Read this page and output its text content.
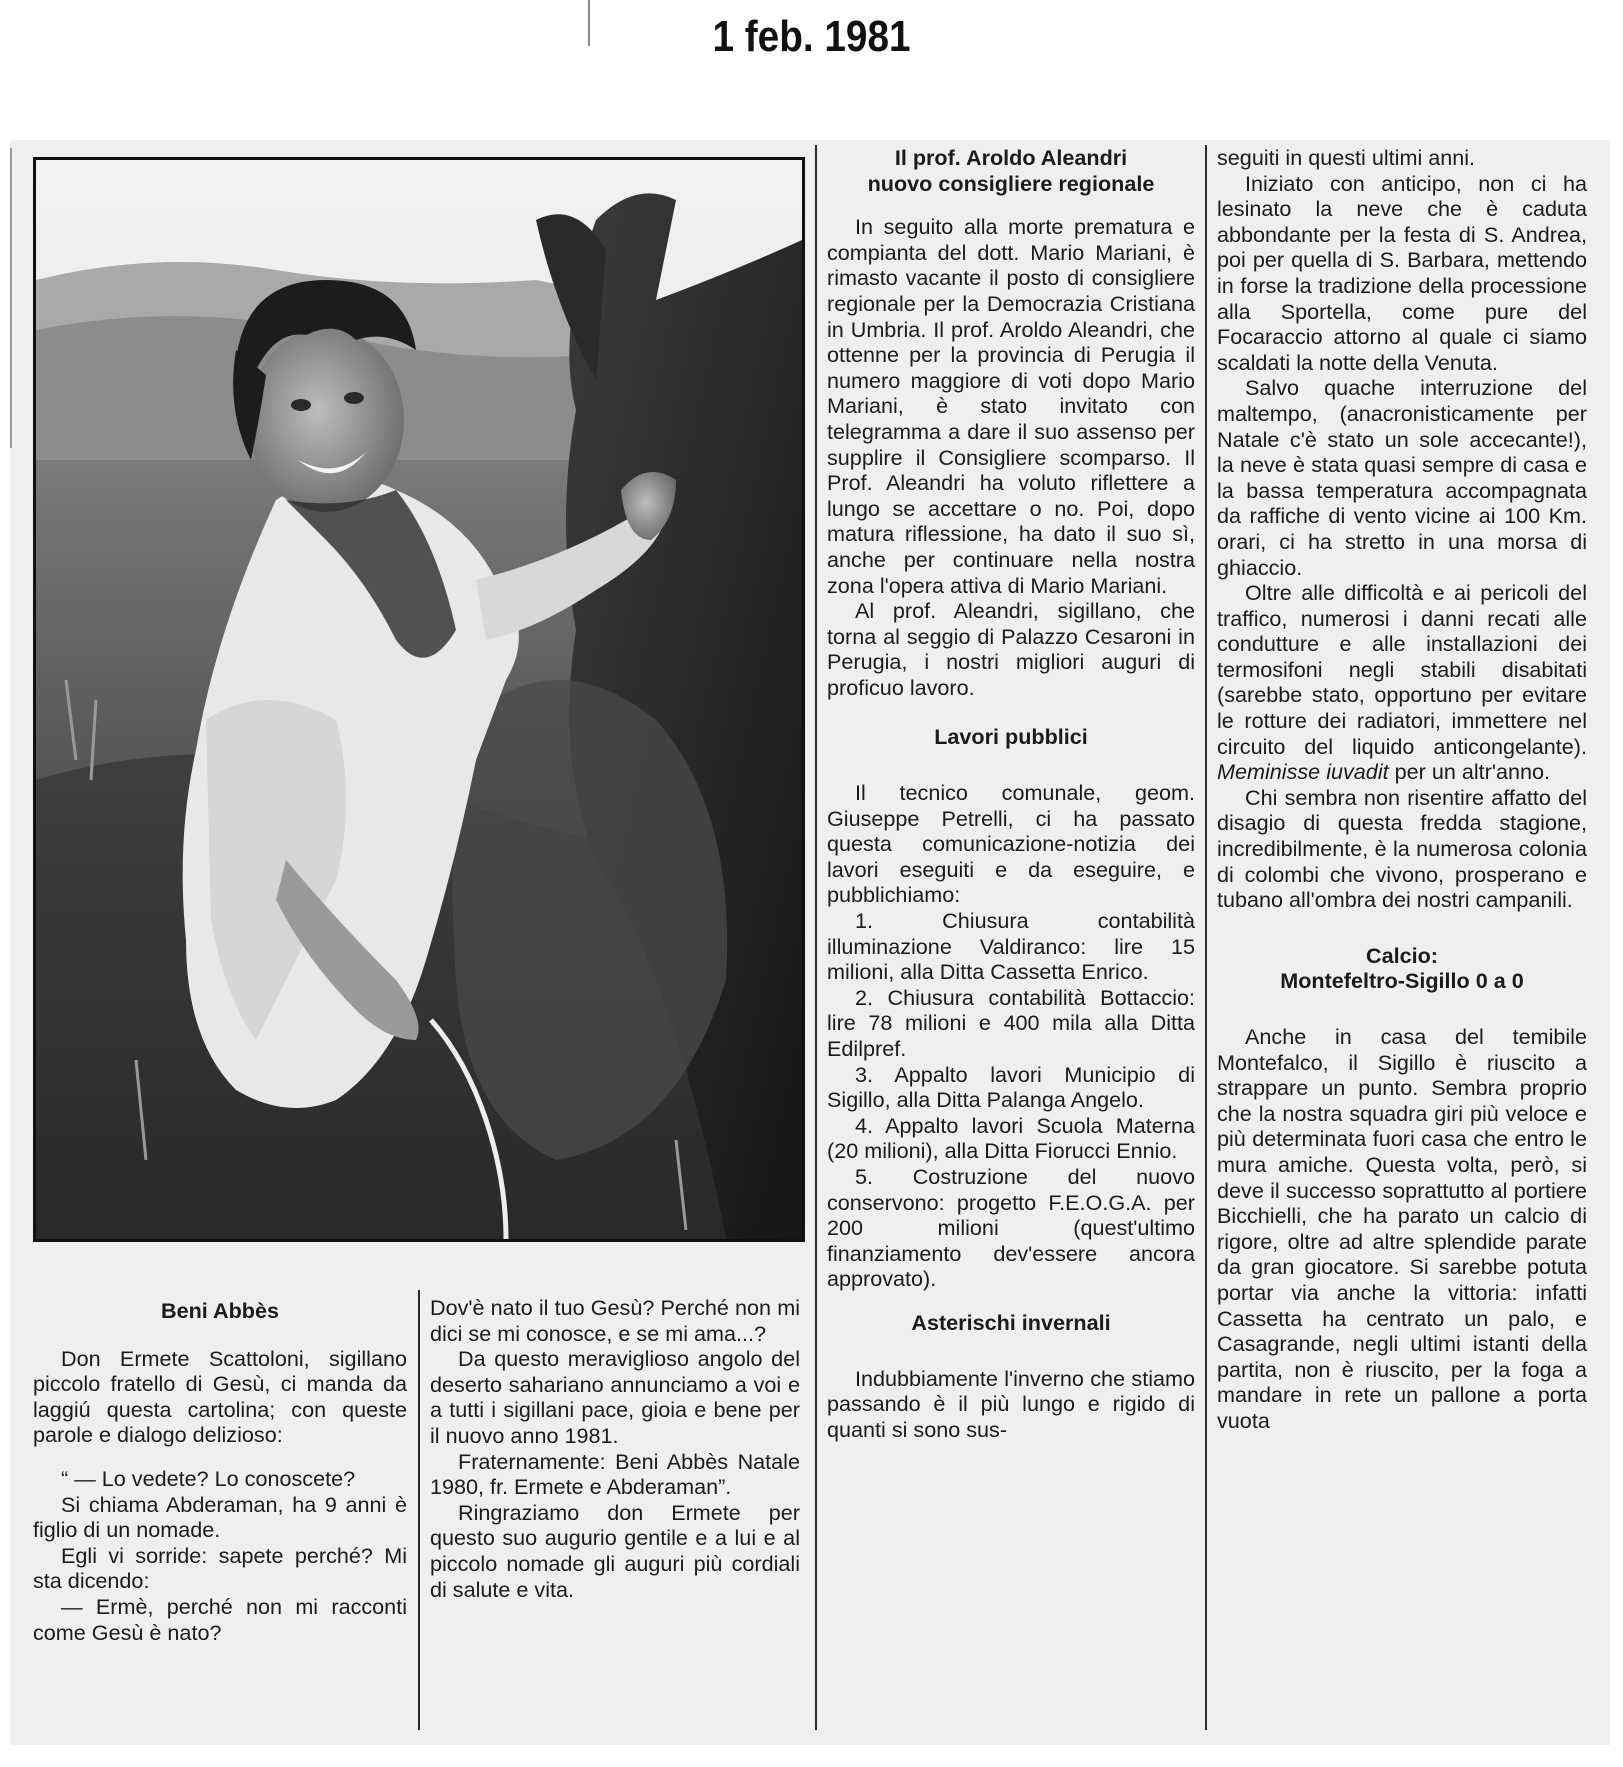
1 feb. 1981
Beni Abbès

Don Ermete Scattoloni, sigillano piccolo fratello di Gesù, ci manda da laggiú questa cartolina; con queste parole e dialogo delizioso:

“ — Lo vedete? Lo conoscete?

Si chiama Abderaman, ha 9 anni è figlio di un nomade.

Egli vi sorride: sapete perché? Mi sta dicendo:

— Ermè, perché non mi racconti come Gesù è nato?

Dov'è nato il tuo Gesù? Perché non mi dici se mi conosce, e se mi ama...?

Da questo meraviglioso angolo del deserto sahariano annunciamo a voi e a tutti i sigillani pace, gioia e bene per il nuovo anno 1981.

Fraternamente: Beni Abbès Natale 1980, fr. Ermete e Abderaman”.

Ringraziamo don Ermete per questo suo augurio gentile e a lui e al piccolo nomade gli auguri più cordiali di salute e vita.

Il prof. Aroldo Aleandri nuovo consigliere regionale

In seguito alla morte prematura e compianta del dott. Mario Mariani, è rimasto vacante il posto di consigliere regionale per la Democrazia Cristiana in Umbria. Il prof. Aroldo Aleandri, che ottenne per la provincia di Perugia il numero maggiore di voti dopo Mario Mariani, è stato invitato con telegramma a dare il suo assenso per supplire il Consigliere scomparso. Il Prof. Aleandri ha voluto riflettere a lungo se accettare o no. Poi, dopo matura riflessione, ha dato il suo sì, anche per continuare nella nostra zona l'opera attiva di Mario Mariani.

Al prof. Aleandri, sigillano, che torna al seggio di Palazzo Cesaroni in Perugia, i nostri migliori auguri di proficuo lavoro.

Lavori pubblici

Il tecnico comunale, geom. Giuseppe Petrelli, ci ha passato questa comunicazione-notizia dei lavori eseguiti e da eseguire, e pubblichiamo:

1. Chiusura contabilità illuminazione Valdiranco: lire 15 milioni, alla Ditta Cassetta Enrico.

2. Chiusura contabilità Bottaccio: lire 78 milioni e 400 mila alla Ditta Edilpref.

3. Appalto lavori Municipio di Sigillo, alla Ditta Palanga Angelo.

4. Appalto lavori Scuola Materna (20 milioni), alla Ditta Fiorucci Ennio.

5. Costruzione del nuovo conservono: progetto F.E.O.G.A. per 200 milioni (quest'ultimo finanziamento dev'essere ancora approvato).

Asterischi invernali

Indubbiamente l'inverno che stiamo passando è il più lungo e rigido di quanti si sono sus-

seguiti in questi ultimi anni.

Iniziato con anticipo, non ci ha lesinato la neve che è caduta abbondante per la festa di S. Andrea, poi per quella di S. Barbara, mettendo in forse la tradizione della processione alla Sportella, come pure del Focaraccio attorno al quale ci siamo scaldati la notte della Venuta.

Salvo quache interruzione del maltempo, (anacronisticamente per Natale c'è stato un sole accecante!), la neve è stata quasi sempre di casa e la bassa temperatura accompagnata da raffiche di vento vicine ai 100 Km. orari, ci ha stretto in una morsa di ghiaccio.

Oltre alle difficoltà e ai pericoli del traffico, numerosi i danni recati alle condutture e alle installazioni dei termosifoni negli stabili disabitati (sarebbe stato, opportuno per evitare le rotture dei radiatori, immettere nel circuito del liquido anticongelante). Meminisse iuvadit per un altr'anno.

Chi sembra non risentire affatto del disagio di questa fredda stagione, incredibilmente, è la numerosa colonia di colombi che vivono, prosperano e tubano all'ombra dei nostri campanili.

Calcio:
Montefeltro-Sigillo 0 a 0

Anche in casa del temibile Montefalco, il Sigillo è riuscito a strappare un punto. Sembra proprio che la nostra squadra giri più veloce e più determinata fuori casa che entro le mura amiche. Questa volta, però, si deve il successo soprattutto al portiere Bicchielli, che ha parato un calcio di rigore, oltre ad altre splendide parate da gran giocatore. Si sarebbe potuta portar via anche la vittoria: infatti Cassetta ha centrato un palo, e Casagrande, negli ultimi istanti della partita, non è riuscito, per la foga a mandare in rete un pallone a porta vuota
